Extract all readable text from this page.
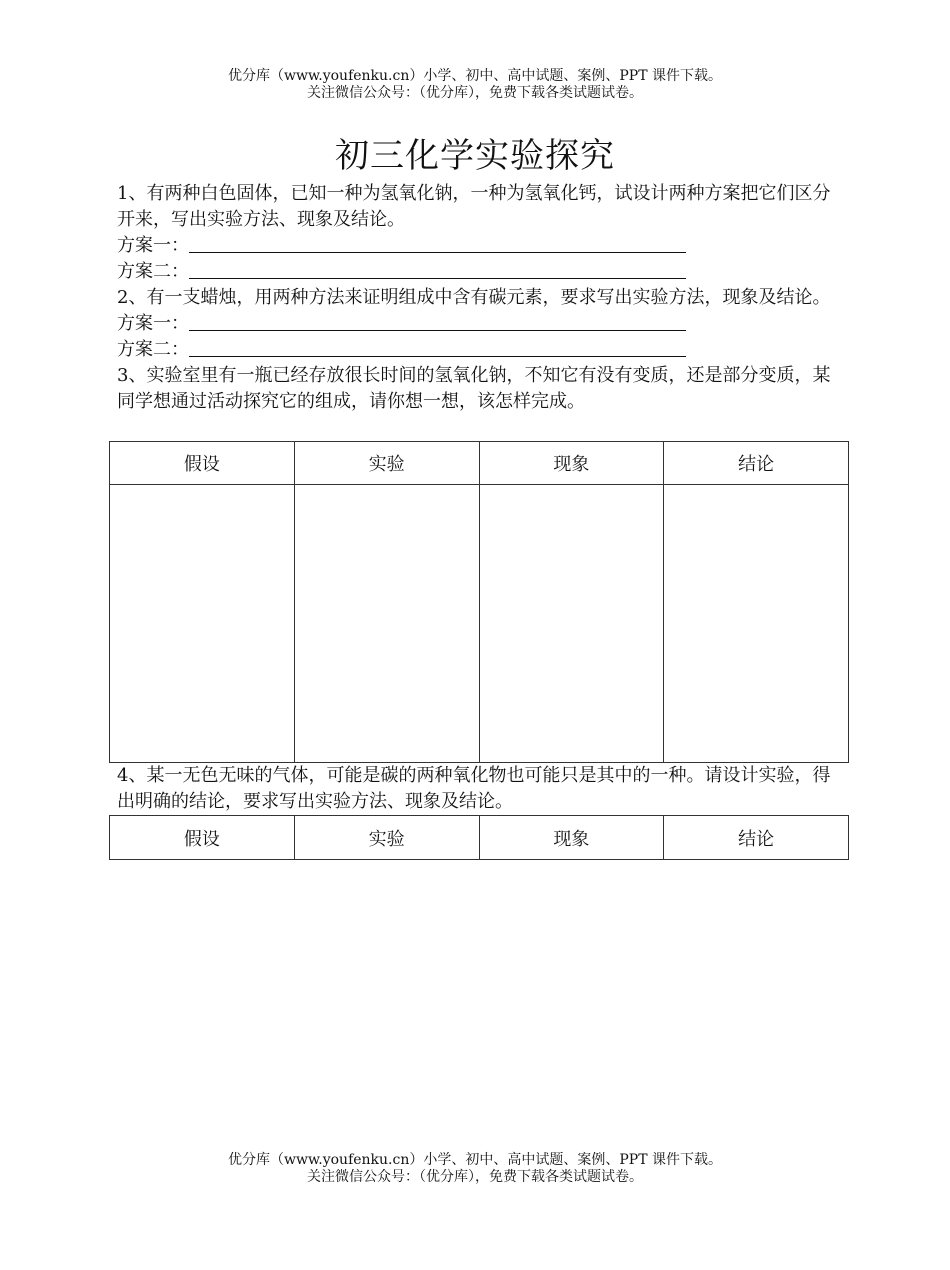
优分库（www.youfenku.cn）小学、初中、高中试题、案例、PPT 课件下载。
关注微信公众号：（优分库），免费下载各类试题试卷。
初三化学实验探究

1、有两种白色固体，已知一种为氢氧化钠，一种为氢氧化钙，试设计两种方案把它们区分开来，写出实验方法、现象及结论。

方案一：

方案二：

2、有一支蜡烛，用两种方法来证明组成中含有碳元素，要求写出实验方法，现象及结论。

方案一：

方案二：

3、实验室里有一瓶已经存放很长时间的氢氧化钠，不知它有没有变质，还是部分变质，某同学想通过活动探究它的组成，请你想一想，该怎样完成。

假设	实验	现象	结论

4、某一无色无味的气体，可能是碳的两种氧化物也可能只是其中的一种。请设计实验，得出明确的结论，要求写出实验方法、现象及结论。

假设	实验	现象	结论
优分库（www.youfenku.cn）小学、初中、高中试题、案例、PPT 课件下载。
关注微信公众号：（优分库），免费下载各类试题试卷。
